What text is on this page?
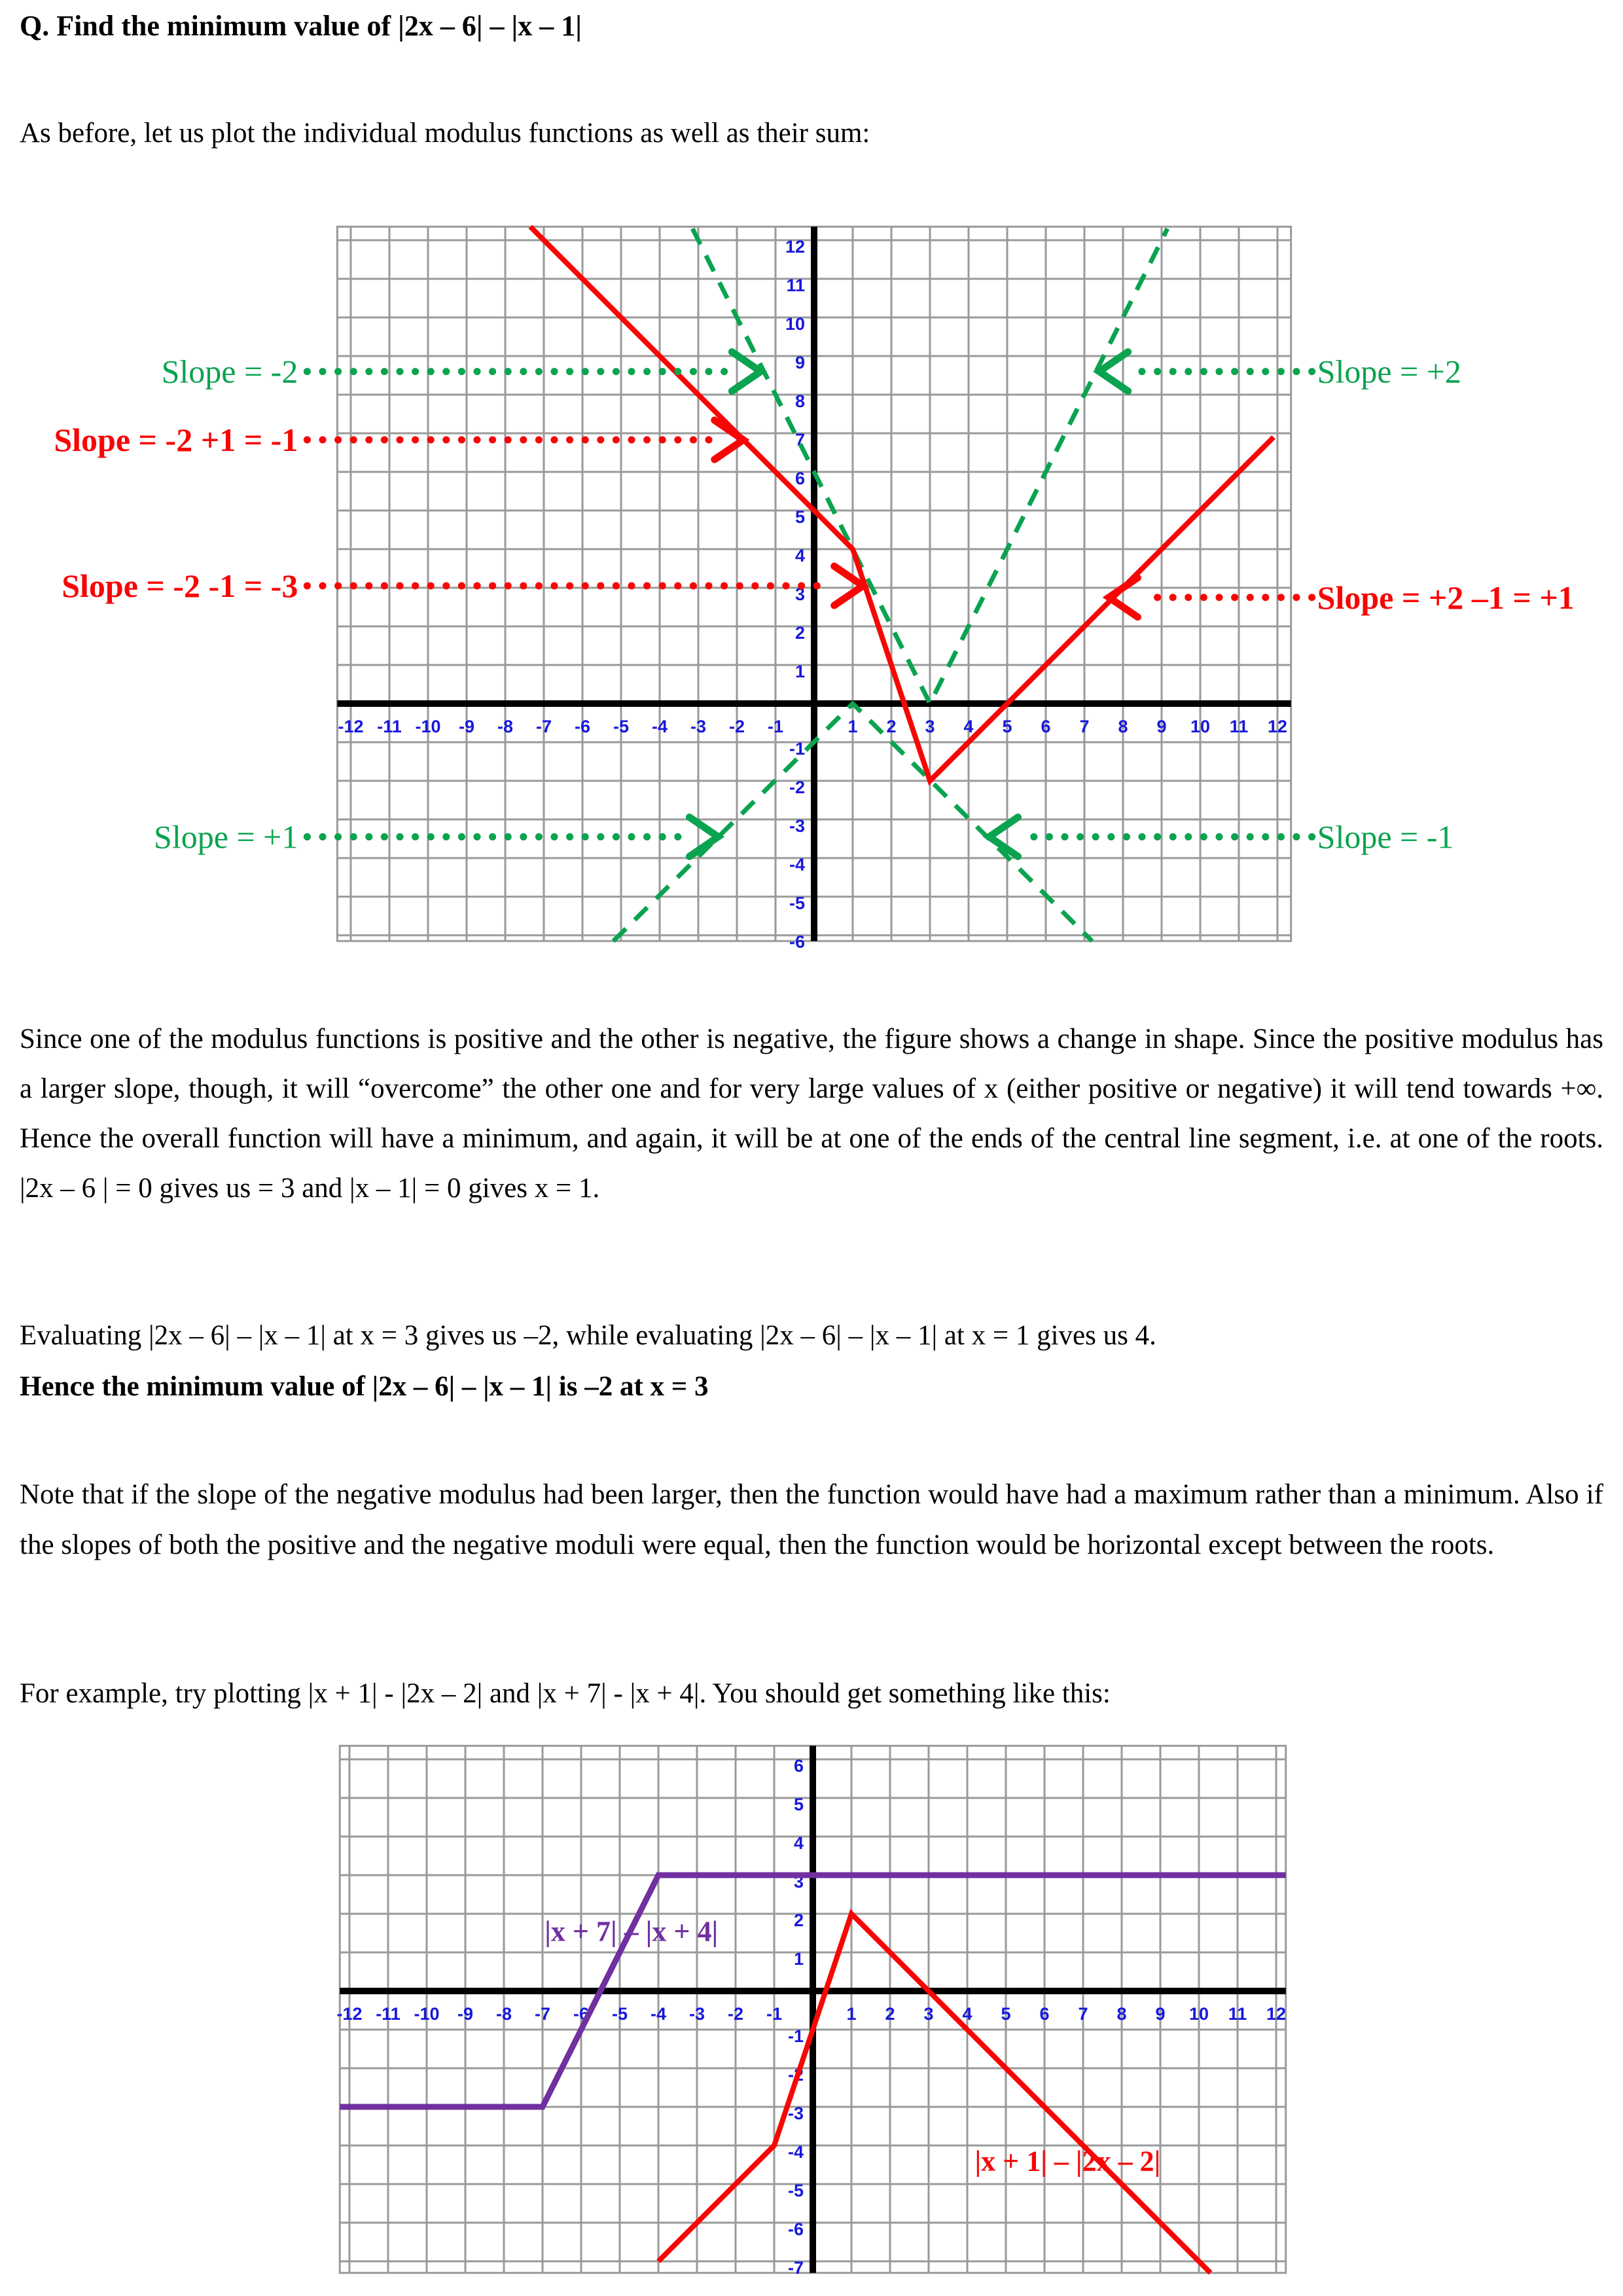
Q. Find the minimum value of |2x – 6| – |x – 1|

As before, let us plot the individual modulus functions as well as their sum:

-12 -11 -10 -9 -8 -7 -6 -5 -4 -3 -2 -1	1 2 3 4 5 6 7 8 9 10 11 12
-6
-5
-4
-3
-2
-1
1
2
3
4
5
6
7
8
9
10
11
12
Slope = -2
Slope = -2 +1 = -1
Slope = -2 -1 = -3
Slope = +1
Slope = +2
Slope = +2 –1 = +1
Slope = -1

Since one of the modulus functions is positive and the other is negative, the figure shows a change in shape. Since the positive modulus has a larger slope, though, it will “overcome” the other one and for very large values of x (either positive or negative) it will tend towards +∞. Hence the overall function will have a minimum, and again, it will be at one of the ends of the central line segment, i.e. at one of the roots. |2x – 6 | = 0 gives us = 3 and |x – 1| = 0 gives x = 1.

Evaluating |2x – 6| – |x – 1| at x = 3 gives us –2, while evaluating |2x – 6| – |x – 1| at x = 1 gives us 4.
Hence the minimum value of |2x – 6| – |x – 1| is –2 at x = 3

Note that if the slope of the negative modulus had been larger, then the function would have had a maximum rather than a minimum. Also if the slopes of both the positive and the negative moduli were equal, then the function would be horizontal except between the roots.

For example, try plotting |x + 1| - |2x – 2| and |x + 7| - |x + 4|. You should get something like this:

-12 -11 -10 -9 -8 -7 -6 -5 -4 -3 -2 -1	1 2 3 4 5 6 7 8 9 10 11 12
-7
-6
-5
-4
-3
-2
-1
1
2
3
4
5
6
|x + 7| – |x + 4|
|x + 1| – |2x – 2|
